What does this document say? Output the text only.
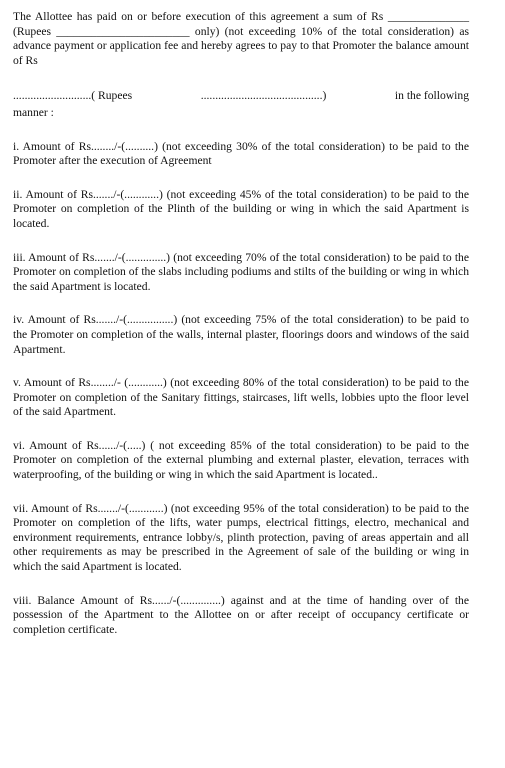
The Allottee has paid on or before execution of this agreement a sum of Rs ______________ (Rupees _______________________ only) (not exceeding 10% of the total consideration) as advance payment or application fee and hereby agrees to pay to that Promoter the balance amount of Rs

...........................( Rupees	..........................................)	in the following

manner :

i. Amount of Rs......../-(..........) (not exceeding 30% of the total consideration) to be paid to the Promoter after the execution of Agreement

ii. Amount of Rs......./-(............) (not exceeding 45% of the total consideration) to be paid to the Promoter on completion of the Plinth of the building or wing in which the said Apartment is located.

iii. Amount of Rs......./-(..............) (not exceeding 70% of the total consideration) to be paid to the Promoter on completion of the slabs including podiums and stilts of the building or wing in which the said Apartment is located.

iv. Amount of Rs......./-(................) (not exceeding 75% of the total consideration) to be paid to the Promoter on completion of the walls, internal plaster, floorings doors and windows of the said Apartment.

v. Amount of Rs......../- (............) (not exceeding 80% of the total consideration) to be paid to the Promoter on completion of the Sanitary fittings, staircases, lift wells, lobbies upto the floor level of the said Apartment.

vi. Amount of Rs....../-(.....) ( not exceeding 85% of the total consideration) to be paid to the Promoter on completion of the external plumbing and external plaster, elevation, terraces with waterproofing, of the building or wing in which the said Apartment is located..

vii. Amount of Rs......./-(............) (not exceeding 95% of the total consideration) to be paid to the Promoter on completion of the lifts, water pumps, electrical fittings, electro, mechanical and environment requirements, entrance lobby/s, plinth protection, paving of areas appertain and all other requirements as may be prescribed in the Agreement of sale of the building or wing in which the said Apartment is located.

viii. Balance Amount of Rs....../-(..............) against and at the time of handing over of the possession of the Apartment to the Allottee on or after receipt of occupancy certificate or completion certificate.
